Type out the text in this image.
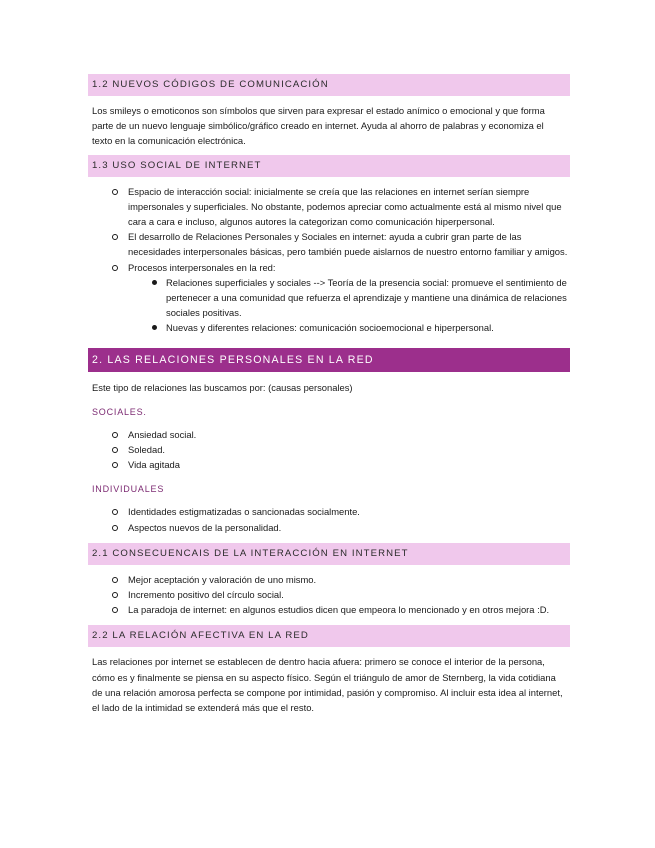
1.2 NUEVOS CÓDIGOS DE COMUNICACIÓN

Los smileys o emoticonos son símbolos que sirven para expresar el estado anímico o emocional y que forma parte de un nuevo lenguaje simbólico/gráfico creado en internet. Ayuda al ahorro de palabras y economiza el texto en la comunicación electrónica.

1.3 USO SOCIAL DE INTERNET
Espacio de interacción social: inicialmente se creía que las relaciones en internet serían siempre impersonales y superficiales. No obstante, podemos apreciar como actualmente está al mismo nivel que cara a cara e incluso, algunos autores la categorizan como comunicación hiperpersonal.
El desarrollo de Relaciones Personales y Sociales en internet: ayuda a cubrir gran parte de las necesidades interpersonales básicas, pero también puede aislarnos de nuestro entorno familiar y amigos.
Procesos interpersonales en la red:
Relaciones superficiales y sociales --> Teoría de la presencia social: promueve el sentimiento de pertenecer a una comunidad que refuerza el aprendizaje y mantiene una dinámica de relaciones sociales positivas.
Nuevas y diferentes relaciones: comunicación socioemocional e hiperpersonal.
2. LAS RELACIONES PERSONALES EN LA RED

Este tipo de relaciones las buscamos por: (causas personales)

SOCIALES.
Ansiedad social.
Soledad.
Vida agitada
INDIVIDUALES
Identidades estigmatizadas o sancionadas socialmente.
Aspectos nuevos de la personalidad.
2.1 CONSECUENCAIS DE LA INTERACCIÓN EN INTERNET
Mejor aceptación y valoración de uno mismo.
Incremento positivo del círculo social.
La paradoja de internet: en algunos estudios dicen que empeora lo mencionado y en otros mejora :D.
2.2 LA RELACIÓN AFECTIVA EN LA RED

Las relaciones por internet se establecen de dentro hacia afuera: primero se conoce el interior de la persona, cómo es y finalmente se piensa en su aspecto físico. Según el triángulo de amor de Sternberg, la vida cotidiana de una relación amorosa perfecta se compone por intimidad, pasión y compromiso. Al incluir esta idea al internet, el lado de la intimidad se extenderá más que el resto.
